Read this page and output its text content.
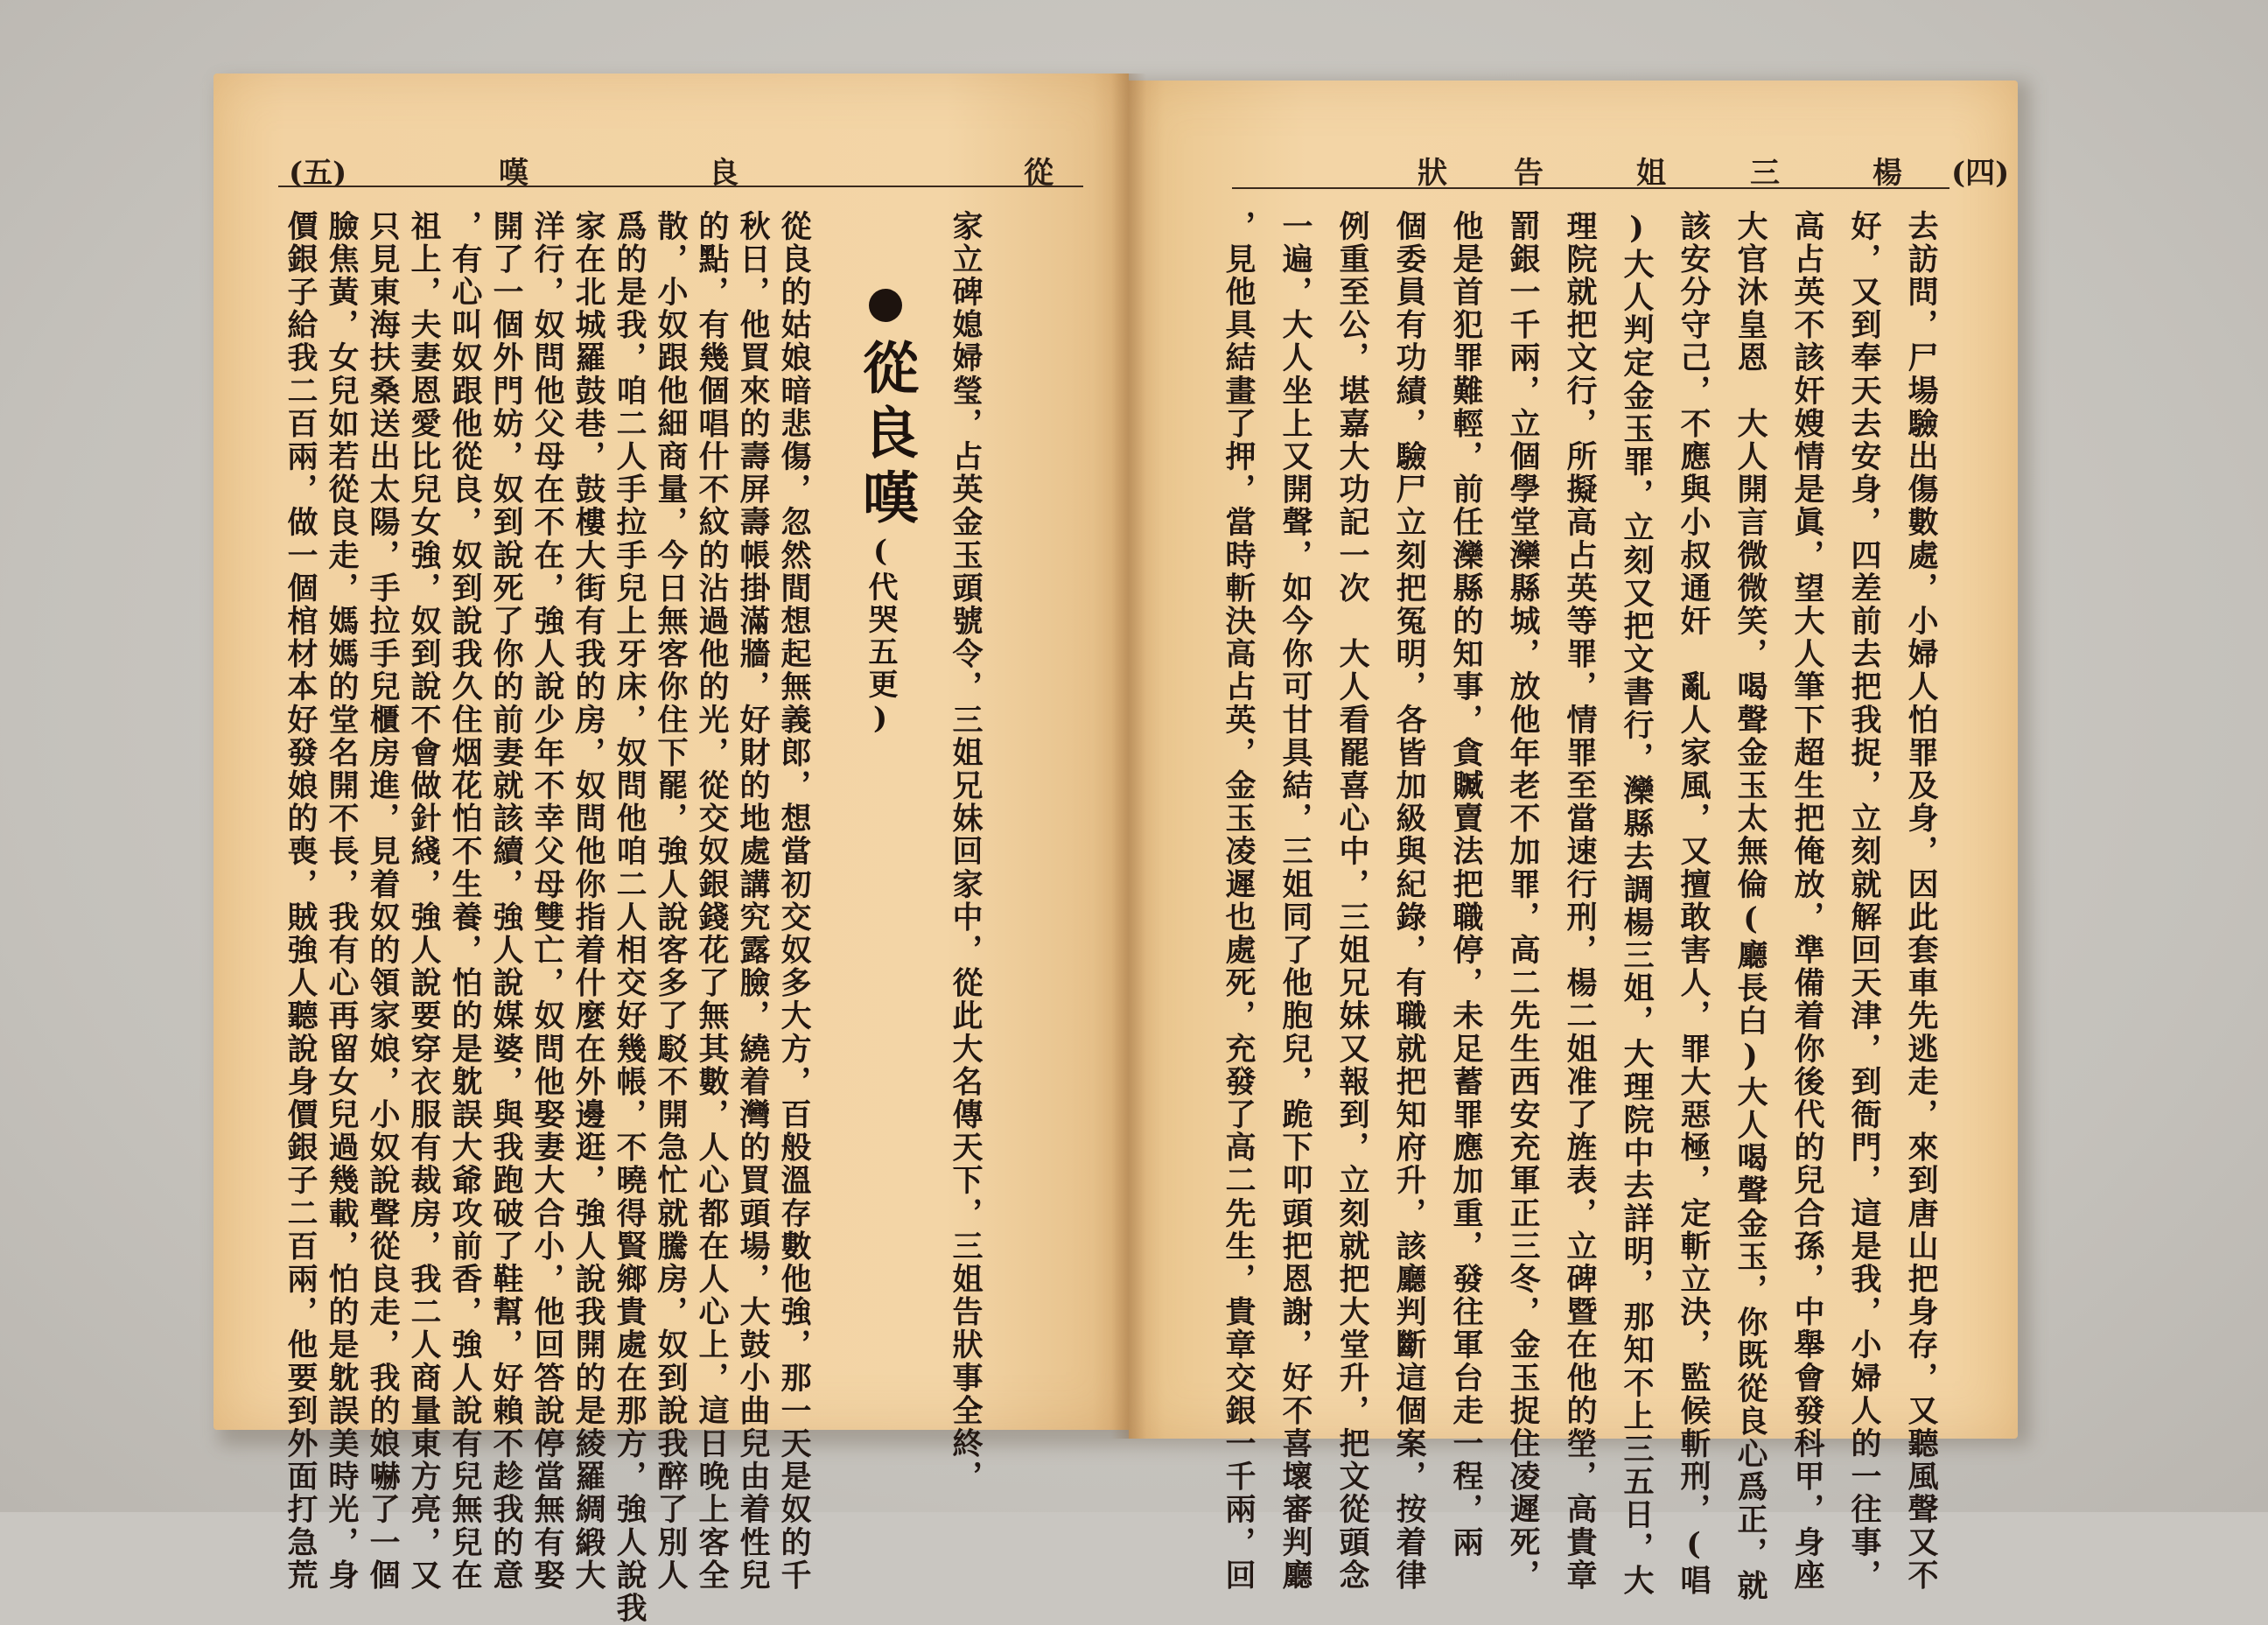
(五)	嘆	良	從	狀 告	姐	三	楊 (四)
家立碑媳婦瑩，占英金玉頭號令，三姐兄妹回家中，從此大名傳天下，三姐告狀事全終，
從良嘆
(代哭五更)
從良的姑娘暗悲傷，忽然間想起無義郎，想當初交奴多大方，百般溫存數他強，那一天是奴的千
秋日，他買來的壽屏壽帳掛滿牆，好財的地處講究露臉，繞着灣的買頭場，大鼓小曲兒由着性兒
的點，有幾個唱什不紋的沾過他的光，從交奴銀錢花了無其數，人心都在人心上，這日晚上客全
散，小奴跟他細商量，今日無客你住下罷，強人說客多了駁不開急忙就騰房，奴到說我醉了別人
爲的是我，咱二人手拉手兒上牙床，奴問他咱二人相交好幾帳，不曉得賢鄉貴處在那方，強人說我
家在北城羅鼓巷，鼓樓大街有我的房，奴問他你指着什麼在外邊逛，強人說我開的是綾羅綢緞大
洋行，奴問他父母在不在，強人說少年不幸父母雙亡，奴問他娶妻大合小，他回答說停當無有娶
開了一個外門妨，奴到說死了你的前妻就該續，強人說媒婆，與我跑破了鞋幫，好賴不趁我的意
，有心叫奴跟他從良，奴到說我久住烟花怕不生養，怕的是躭誤大爺攻前香，強人說有兒無兒在
祖上，夫妻恩愛比兒女強，奴到說不會做針綫，強人說要穿衣服有裁房，我二人商量東方亮，又
只見東海扶桑送出太陽，手拉手兒櫃房進，見着奴的領家娘，小奴說聲從良走，我的娘嚇了一個
臉焦黃，女兒如若從良走，媽媽的堂名開不長，我有心再留女兒過幾載，怕的是躭誤美時光，身
價銀子給我二百兩，做一個棺材本好發娘的喪，賊強人聽說身價銀子二百兩，他要到外面打急荒	去訪問，尸場驗出傷數處，小婦人怕罪及身，因此套車先逃走，來到唐山把身存，又聽風聲又不
好，又到奉天去安身，四差前去把我捉，立刻就解回天津，到衙門，這是我，小婦人的一往事，
高占英不該奸嫂情是眞，望大人筆下超生把俺放，準備着你後代的兒合孫，中舉會發科甲，身座
大官沐皇恩　大人開言微微笑，喝聲金玉太無倫(廳長白)大人喝聲金玉，你既從良心爲正，就
該安分守己，不應與小叔通奸　亂人家風，又擅敢害人，罪大惡極，定斬立決，監候斬刑，(唱
)大人判定金玉罪，立刻又把文書行，灤縣去調楊三姐，大理院中去詳明，那知不上三五日，大
理院就把文行，所擬高占英等罪，情罪至當速行刑，楊二姐准了旌表，立碑暨在他的塋，高貴章
罰銀一千兩，立個學堂灤縣城，放他年老不加罪，高二先生西安充軍正三冬，金玉捉住凌遲死，
他是首犯罪難輕，前任灤縣的知事，貪贓賣法把職停，未足蓄罪應加重，發往軍台走一程，兩
個委員有功績，驗尸立刻把冤明，各皆加級與紀錄，有職就把知府升，該廳判斷這個案，按着律
例重至公，堪嘉大功記一次　大人看罷喜心中，三姐兄妹又報到，立刻就把大堂升，把文從頭念
一遍，大人坐上又開聲，如今你可甘具結，三姐同了他胞兒，跪下叩頭把恩謝，好不喜壞審判廳
，見他具結畫了押，當時斬決高占英，金玉凌遲也處死，充發了高二先生，貴章交銀一千兩，回
